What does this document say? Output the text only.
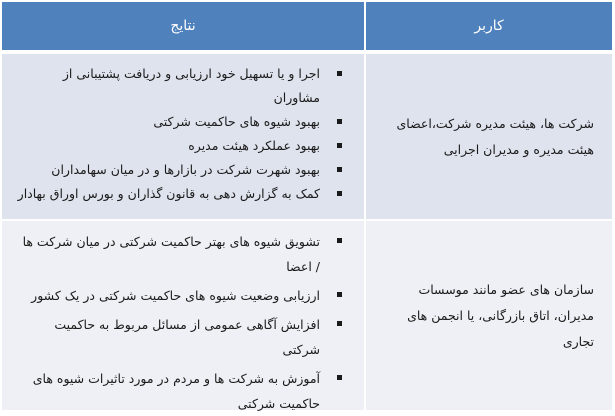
کاربر
نتایج
شرکت ها، هیئت مدیره شرکت،اعضای هیئت مدیره و مدیران اجرایی
اجرا و یا تسهیل خود ارزیابی و دریافت پشتیبانی از مشاوران
بهبود شیوه های حاکمیت شرکتی
بهبود عملکرد هیئت مدیره
بهبود شهرت شرکت در بازارها و در میان سهامداران
کمک به گزارش دهی به قانون گذاران و بورس اوراق بهادار
سازمان های عضو مانند موسسات مدیران، اتاق بازرگانی، یا انجمن های تجاری
تشویق شیوه های بهتر حاکمیت شرکتی در میان شرکت ها / اعضا
ارزیابی وضعیت شیوه های حاکمیت شرکتی در یک کشور
افزایش آگاهی عمومی از مسائل مربوط به حاکمیت شرکتی
آموزش به شرکت ها و مردم در مورد تاثیرات شیوه های حاکمیت شرکتی
